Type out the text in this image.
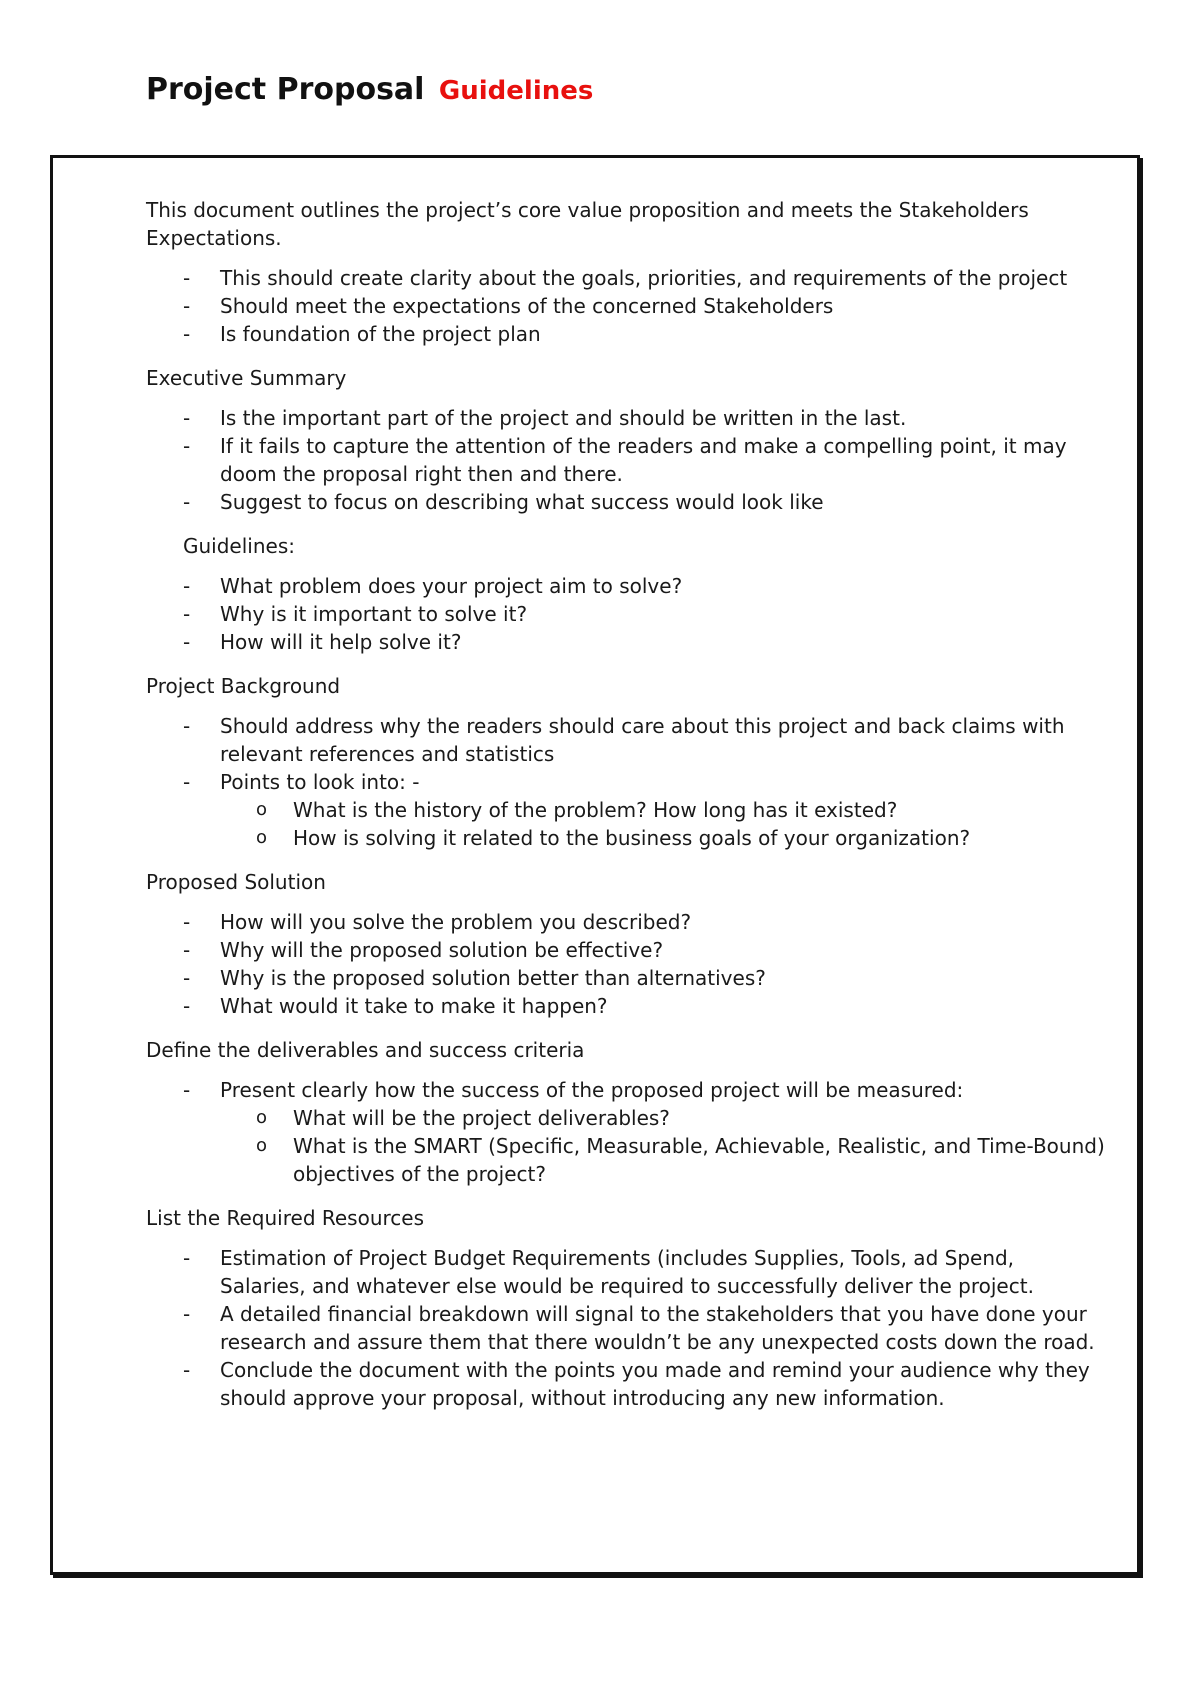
Project Proposal Guidelines

This document outlines the project’s core value proposition and meets the Stakeholders Expectations.

- This should create clarity about the goals, priorities, and requirements of the project
- Should meet the expectations of the concerned Stakeholders
- Is foundation of the project plan

Executive Summary

- Is the important part of the project and should be written in the last.
- If it fails to capture the attention of the readers and make a compelling point, it may doom the proposal right then and there.
- Suggest to focus on describing what success would look like

Guidelines:

- What problem does your project aim to solve?
- Why is it important to solve it?
- How will it help solve it?

Project Background

- Should address why the readers should care about this project and back claims with relevant references and statistics
- Points to look into: -
o What is the history of the problem? How long has it existed?
o How is solving it related to the business goals of your organization?

Proposed Solution

- How will you solve the problem you described?
- Why will the proposed solution be effective?
- Why is the proposed solution better than alternatives?
- What would it take to make it happen?

Define the deliverables and success criteria

- Present clearly how the success of the proposed project will be measured:
o What will be the project deliverables?
o What is the SMART (Specific, Measurable, Achievable, Realistic, and Time-Bound) objectives of the project?

List the Required Resources

- Estimation of Project Budget Requirements (includes Supplies, Tools, ad Spend, Salaries, and whatever else would be required to successfully deliver the project.
- A detailed financial breakdown will signal to the stakeholders that you have done your research and assure them that there wouldn’t be any unexpected costs down the road.
- Conclude the document with the points you made and remind your audience why they should approve your proposal, without introducing any new information.
